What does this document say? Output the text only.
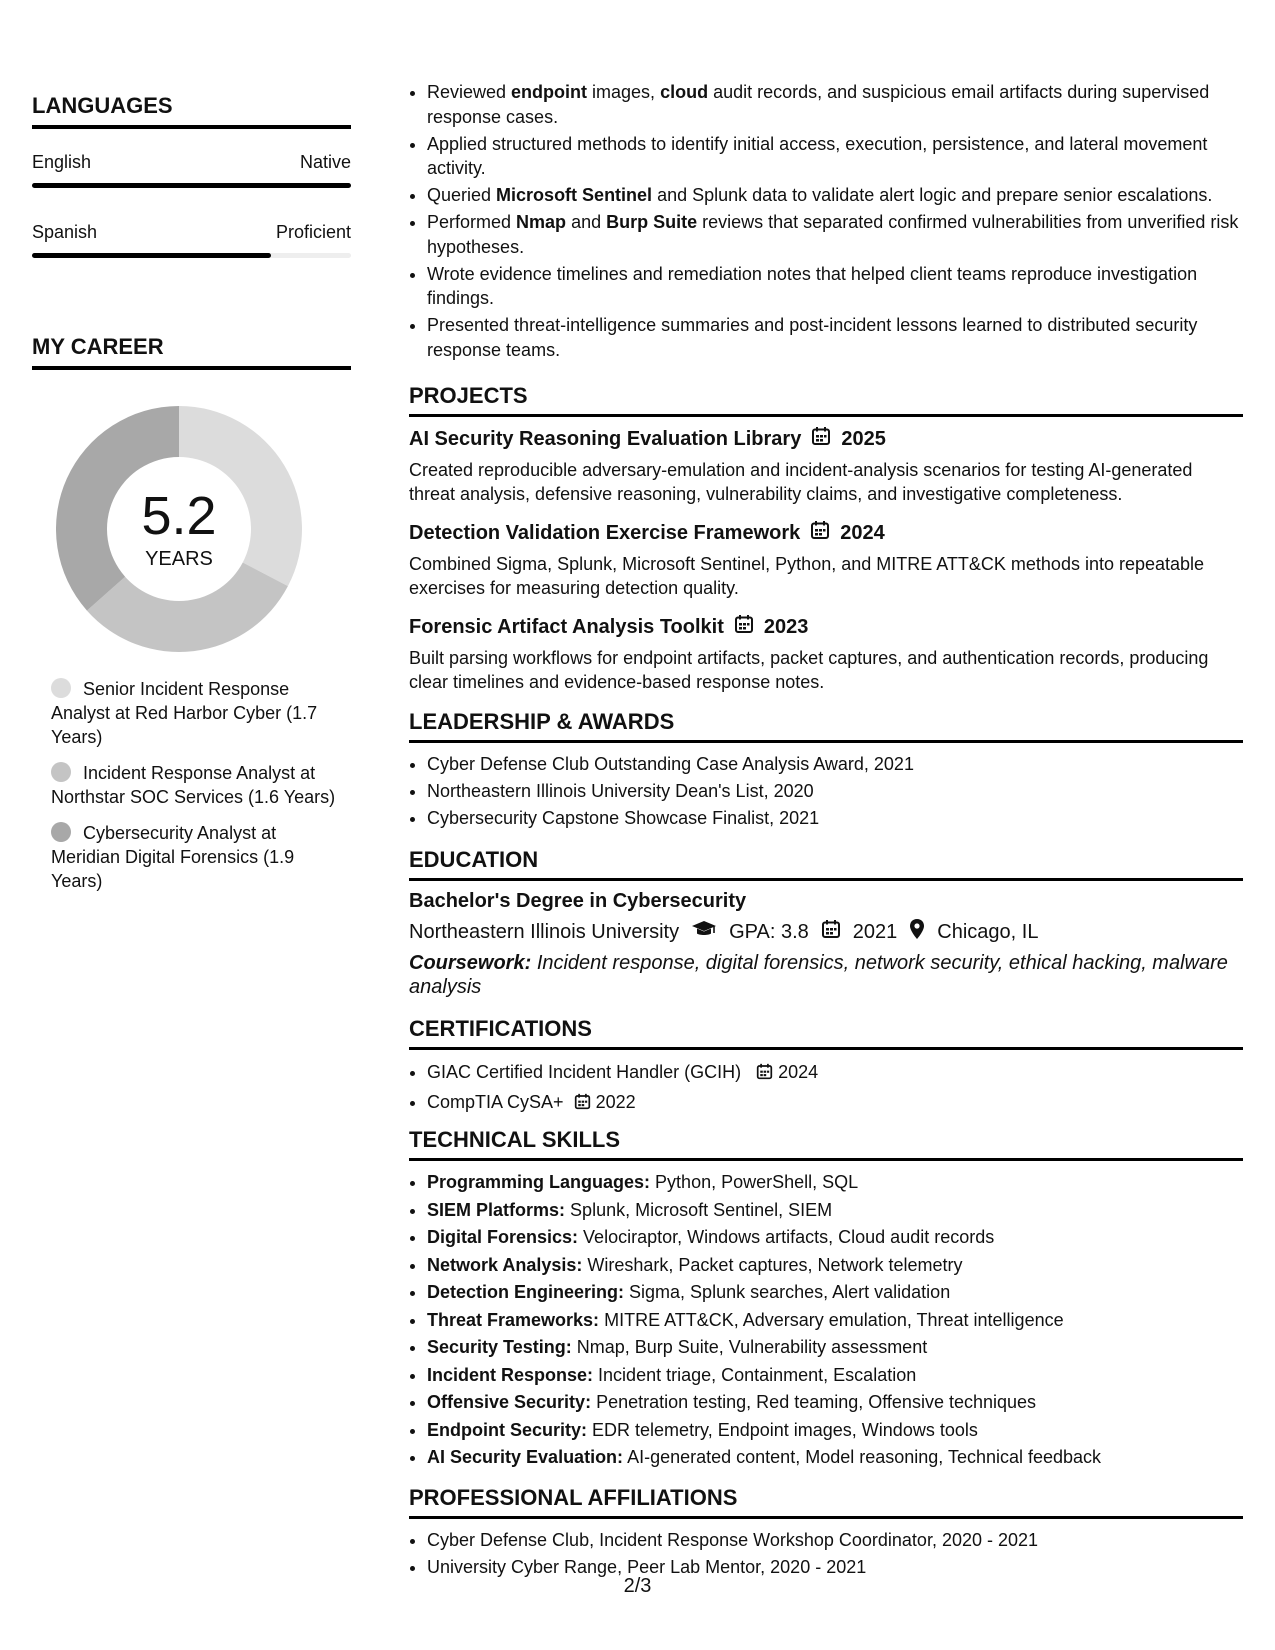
LANGUAGES
English	Native
Spanish	Proficient
MY CAREER
5.2
YEARS
Senior Incident Response Analyst at Red Harbor Cyber (1.7 Years)
Incident Response Analyst at Northstar SOC Services (1.6 Years)
Cybersecurity Analyst at Meridian Digital Forensics (1.9 Years)
• Reviewed endpoint images, cloud audit records, and suspicious email artifacts during supervised response cases.
• Applied structured methods to identify initial access, execution, persistence, and lateral movement activity.
• Queried Microsoft Sentinel and Splunk data to validate alert logic and prepare senior escalations.
• Performed Nmap and Burp Suite reviews that separated confirmed vulnerabilities from unverified risk hypotheses.
• Wrote evidence timelines and remediation notes that helped client teams reproduce investigation findings.
• Presented threat-intelligence summaries and post-incident lessons learned to distributed security response teams.
PROJECTS
AI Security Reasoning Evaluation Library 2025
Created reproducible adversary-emulation and incident-analysis scenarios for testing AI-generated threat analysis, defensive reasoning, vulnerability claims, and investigative completeness.
Detection Validation Exercise Framework 2024
Combined Sigma, Splunk, Microsoft Sentinel, Python, and MITRE ATT&CK methods into repeatable exercises for measuring detection quality.
Forensic Artifact Analysis Toolkit 2023
Built parsing workflows for endpoint artifacts, packet captures, and authentication records, producing clear timelines and evidence-based response notes.
LEADERSHIP & AWARDS
• Cyber Defense Club Outstanding Case Analysis Award, 2021
• Northeastern Illinois University Dean's List, 2020
• Cybersecurity Capstone Showcase Finalist, 2021
EDUCATION
Bachelor's Degree in Cybersecurity
Northeastern Illinois University	GPA: 3.8 2021 Chicago, IL
Coursework: Incident response, digital forensics, network security, ethical hacking, malware analysis
CERTIFICATIONS
• GIAC Certified Incident Handler (GCIH) 2024
• CompTIA CySA+ 2022
TECHNICAL SKILLS
• Programming Languages: Python, PowerShell, SQL
• SIEM Platforms: Splunk, Microsoft Sentinel, SIEM
• Digital Forensics: Velociraptor, Windows artifacts, Cloud audit records
• Network Analysis: Wireshark, Packet captures, Network telemetry
• Detection Engineering: Sigma, Splunk searches, Alert validation
• Threat Frameworks: MITRE ATT&CK, Adversary emulation, Threat intelligence
• Security Testing: Nmap, Burp Suite, Vulnerability assessment
• Incident Response: Incident triage, Containment, Escalation
• Offensive Security: Penetration testing, Red teaming, Offensive techniques
• Endpoint Security: EDR telemetry, Endpoint images, Windows tools
• AI Security Evaluation: AI-generated content, Model reasoning, Technical feedback
PROFESSIONAL AFFILIATIONS
• Cyber Defense Club, Incident Response Workshop Coordinator, 2020 - 2021
• University Cyber Range, Peer Lab Mentor, 2020 - 2021
2/3
